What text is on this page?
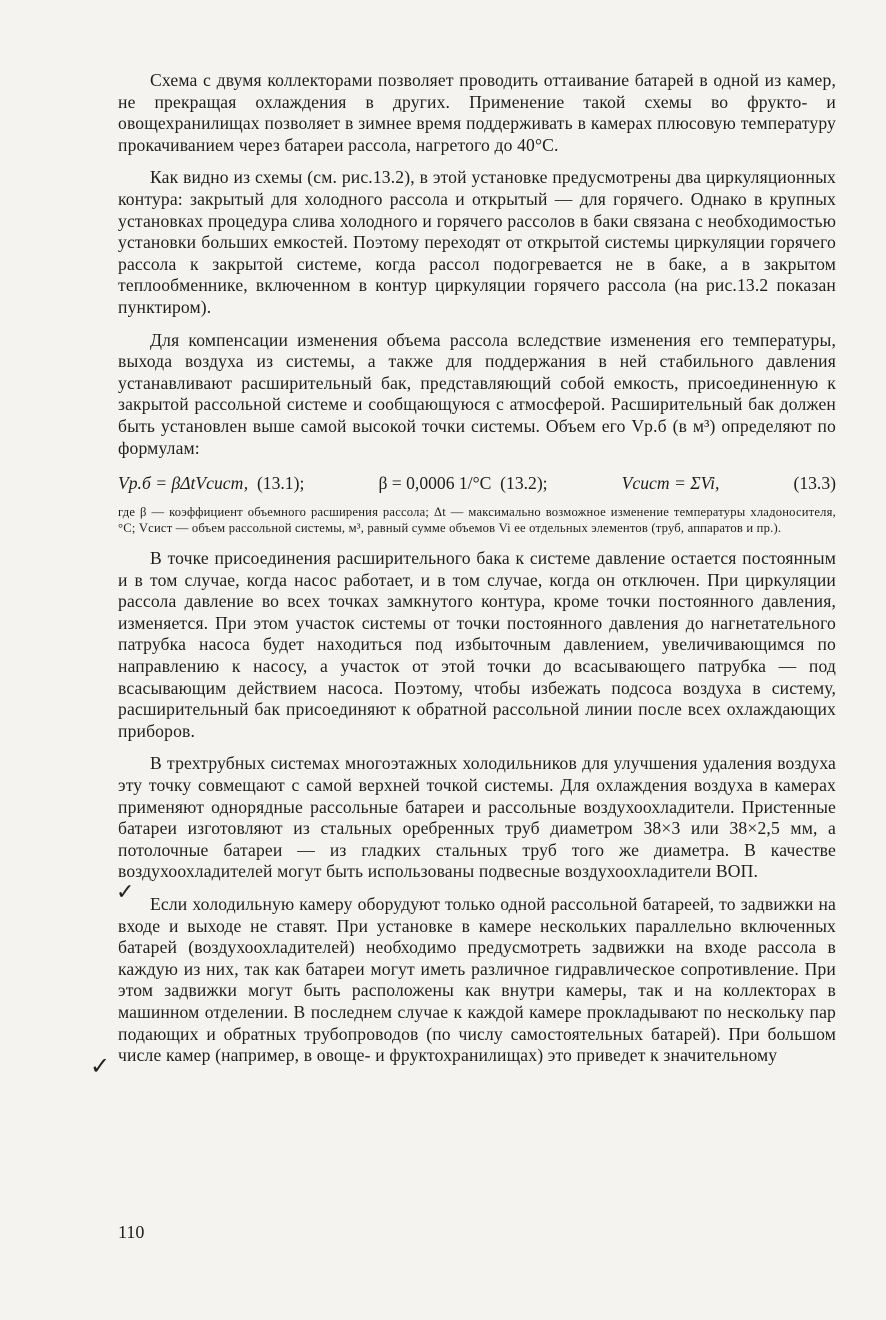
Схема с двумя коллекторами позволяет проводить оттаивание батарей в одной из камер, не прекращая охлаждения в других. Применение такой схемы во фрукто- и овощехранилищах позволяет в зимнее время поддерживать в камерах плюсовую температуру прокачиванием через батареи рассола, нагретого до 40°С.

Как видно из схемы (см. рис.13.2), в этой установке предусмотрены два циркуляционных контура: закрытый для холодного рассола и открытый — для горячего. Однако в крупных установках процедура слива холодного и горячего рассолов в баки связана с необходимостью установки больших емкостей. Поэтому переходят от открытой системы циркуляции горячего рассола к закрытой системе, когда рассол подогревается не в баке, а в закрытом теплообменнике, включенном в контур циркуляции горячего рассола (на рис.13.2 показан пунктиром).

Для компенсации изменения объема рассола вследствие изменения его температуры, выхода воздуха из системы, а также для поддержания в ней стабильного давления устанавливают расширительный бак, представляющий собой емкость, присоединенную к закрытой рассольной системе и сообщающуюся с атмосферой. Расширительный бак должен быть установлен выше самой высокой точки системы. Объем его Vр.б (в м³) определяют по формулам:

Vр.б = βΔtVсист, (13.1);	β = 0,0006 1/°С (13.2);	Vсист = ΣVi,	(13.3)

где β — коэффициент объемного расширения рассола; Δt — максимально возможное изменение температуры хладоносителя, °С; Vсист — объем рассольной системы, м³, равный сумме объемов Vi ее отдельных элементов (труб, аппаратов и пр.).

В точке присоединения расширительного бака к системе давление остается постоянным и в том случае, когда насос работает, и в том случае, когда он отключен. При циркуляции рассола давление во всех точках замкнутого контура, кроме точки постоянного давления, изменяется. При этом участок системы от точки постоянного давления до нагнетательного патрубка насоса будет находиться под избыточным давлением, увеличивающимся по направлению к насосу, а участок от этой точки до всасывающего патрубка — под всасывающим действием насоса. Поэтому, чтобы избежать подсоса воздуха в систему, расширительный бак присоединяют к обратной рассольной линии после всех охлаждающих приборов.

В трехтрубных системах многоэтажных холодильников для улучшения удаления воздуха эту точку совмещают с самой верхней точкой системы. Для охлаждения воздуха в камерах применяют однорядные рассольные батареи и рассольные воздухоохладители. Пристенные батареи изготовляют из стальных оребренных труб диаметром 38×3 или 38×2,5 мм, а потолочные батареи — из гладких стальных труб того же диаметра. В качестве воздухоохладителей могут быть использованы подвесные воздухоохладители ВОП.

Если холодильную камеру оборудуют только одной рассольной батареей, то задвижки на входе и выходе не ставят. При установке в камере нескольких параллельно включенных батарей (воздухоохладителей) необходимо предусмотреть задвижки на входе рассола в каждую из них, так как батареи могут иметь различное гидравлическое сопротивление. При этом задвижки могут быть расположены как внутри камеры, так и на коллекторах в машинном отделении. В последнем случае к каждой камере прокладывают по нескольку пар подающих и обратных трубопроводов (по числу самостоятельных батарей). При большом числе камер (например, в овоще- и фруктохранилищах) это приведет к значительному

✓
✓
110
